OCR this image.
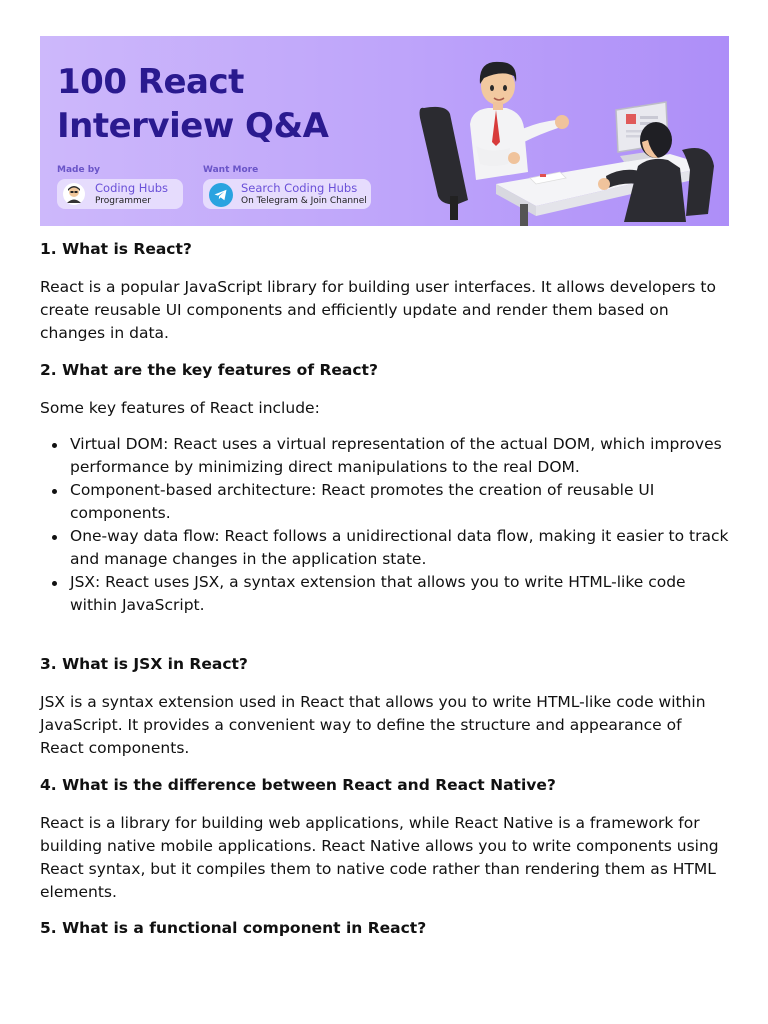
100 React
Interview Q&A
Made by
Coding Hubs
Programmer
Want More
Search Coding Hubs
On Telegram & Join Channel
1. What is React?
React is a popular JavaScript library for building user interfaces. It allows developers to create reusable UI components and efficiently update and render them based on changes in data.
2. What are the key features of React?
Some key features of React include:
Virtual DOM: React uses a virtual representation of the actual DOM, which improves performance by minimizing direct manipulations to the real DOM.
Component-based architecture: React promotes the creation of reusable UI components.
One-way data flow: React follows a unidirectional data flow, making it easier to track and manage changes in the application state.
JSX: React uses JSX, a syntax extension that allows you to write HTML-like code within JavaScript.
3. What is JSX in React?
JSX is a syntax extension used in React that allows you to write HTML-like code within JavaScript. It provides a convenient way to define the structure and appearance of React components.
4. What is the difference between React and React Native?
React is a library for building web applications, while React Native is a framework for building native mobile applications. React Native allows you to write components using React syntax, but it compiles them to native code rather than rendering them as HTML elements.
5. What is a functional component in React?
